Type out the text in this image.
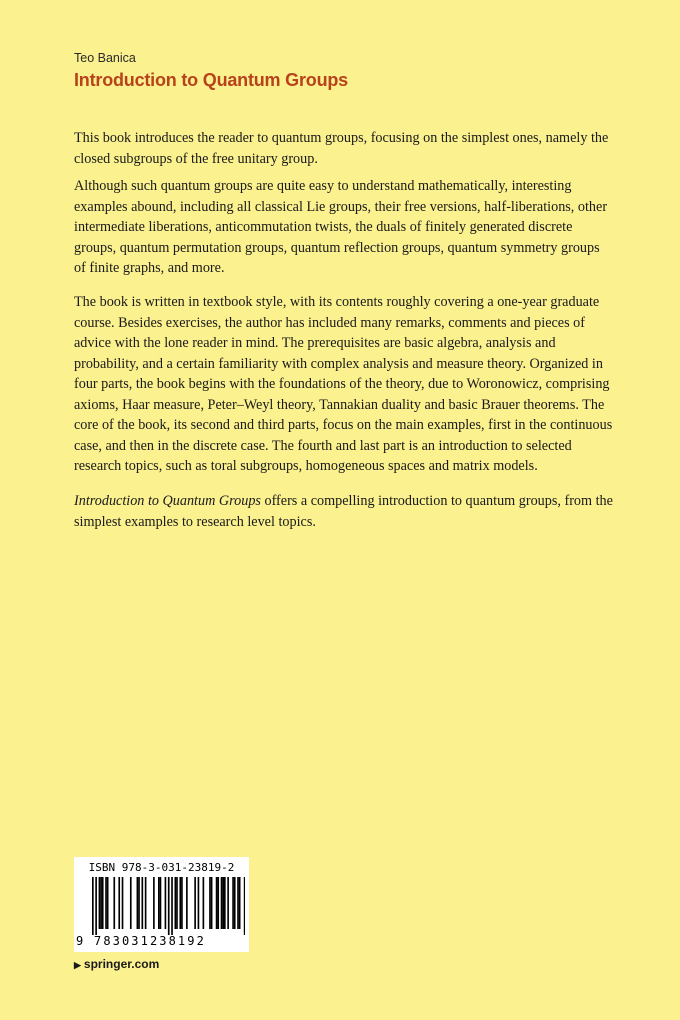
Teo Banica
Introduction to Quantum Groups

This book introduces the reader to quantum groups, focusing on the simplest ones, namely the closed subgroups of the free unitary group.

Although such quantum groups are quite easy to understand mathematically, interesting examples abound, including all classical Lie groups, their free versions, half-liberations, other intermediate liberations, anticommutation twists, the duals of finitely generated discrete groups, quantum permutation groups, quantum reflection groups, quantum symmetry groups of finite graphs, and more.

The book is written in textbook style, with its contents roughly covering a one-year graduate course. Besides exercises, the author has included many remarks, comments and pieces of advice with the lone reader in mind. The prerequisites are basic algebra, analysis and probability, and a certain familiarity with complex analysis and measure theory. Organized in four parts, the book begins with the foundations of the theory, due to Woronowicz, comprising axioms, Haar measure, Peter–Weyl theory, Tannakian duality and basic Brauer theorems. The core of the book, its second and third parts, focus on the main examples, first in the continuous case, and then in the discrete case. The fourth and last part is an introduction to selected research topics, such as toral subgroups, homogeneous spaces and matrix models.

Introduction to Quantum Groups offers a compelling introduction to quantum groups, from the simplest examples to research level topics.

ISBN 978-3-031-23819-2
9 783031238192
▶ springer.com
